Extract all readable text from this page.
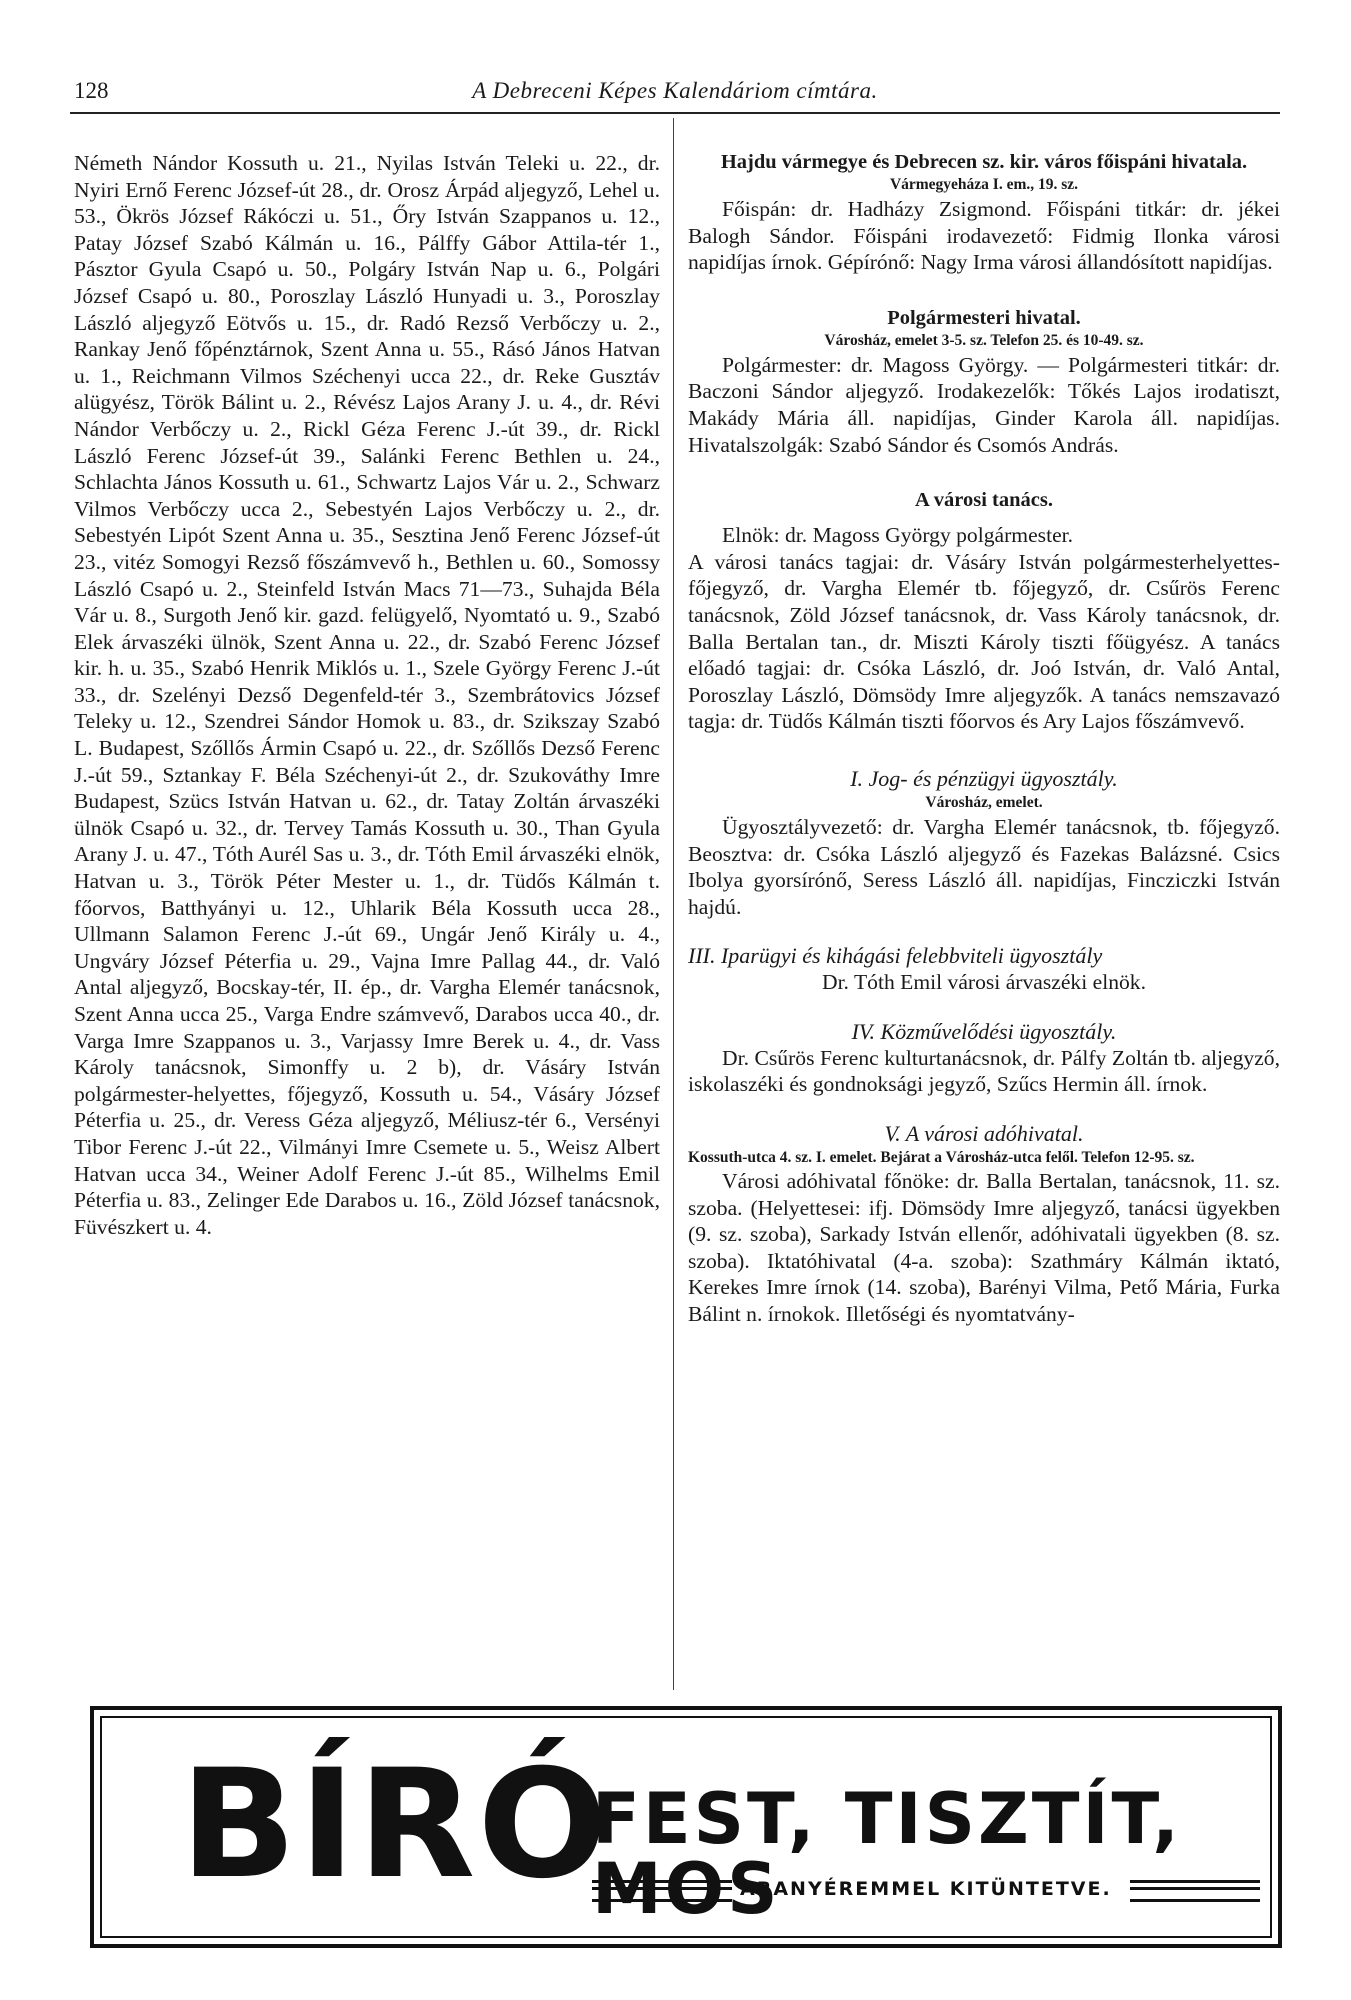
128	A Debreceni Képes Kalendáriom címtára.

Németh Nándor Kossuth u. 21., Nyilas István Teleki u. 22., dr. Nyiri Ernő Ferenc József-út 28., dr. Orosz Árpád aljegyző, Lehel u. 53., Ökrös József Rákóczi u. 51., Őry István Szappanos u. 12., Patay József Szabó Kálmán u. 16., Pálffy Gábor Attila-tér 1., Pásztor Gyula Csapó u. 50., Polgáry István Nap u. 6., Polgári József Csapó u. 80., Poroszlay László Hunyadi u. 3., Poroszlay László aljegyző Eötvős u. 15., dr. Radó Rezső Verbőczy u. 2., Rankay Jenő főpénztárnok, Szent Anna u. 55., Rásó János Hatvan u. 1., Reichmann Vilmos Széchenyi ucca 22., dr. Reke Gusztáv alügyész, Török Bálint u. 2., Révész Lajos Arany J. u. 4., dr. Révi Nándor Verbőczy u. 2., Rickl Géza Ferenc J.-út 39., dr. Rickl László Ferenc József-út 39., Salánki Ferenc Bethlen u. 24., Schlachta János Kossuth u. 61., Schwartz Lajos Vár u. 2., Schwarz Vilmos Verbőczy ucca 2., Sebestyén Lajos Verbőczy u. 2., dr. Sebestyén Lipót Szent Anna u. 35., Sesztina Jenő Ferenc József-út 23., vitéz Somogyi Rezső főszámvevő h., Bethlen u. 60., Somossy László Csapó u. 2., Steinfeld István Macs 71—73., Suhajda Béla Vár u. 8., Surgoth Jenő kir. gazd. felügyelő, Nyomtató u. 9., Szabó Elek árvaszéki ülnök, Szent Anna u. 22., dr. Szabó Ferenc József kir. h. u. 35., Szabó Henrik Miklós u. 1., Szele György Ferenc J.-út 33., dr. Szelényi Dezső Degenfeld-tér 3., Szembrátovics József Teleky u. 12., Szendrei Sándor Homok u. 83., dr. Szikszay Szabó L. Budapest, Szőllős Ármin Csapó u. 22., dr. Szőllős Dezső Ferenc J.-út 59., Sztankay F. Béla Széchenyi-út 2., dr. Szukováthy Imre Budapest, Szücs István Hatvan u. 62., dr. Tatay Zoltán árvaszéki ülnök Csapó u. 32., dr. Tervey Tamás Kossuth u. 30., Than Gyula Arany J. u. 47., Tóth Aurél Sas u. 3., dr. Tóth Emil árvaszéki elnök, Hatvan u. 3., Török Péter Mester u. 1., dr. Tüdős Kálmán t. főorvos, Batthyányi u. 12., Uhlarik Béla Kossuth ucca 28., Ullmann Salamon Ferenc J.-út 69., Ungár Jenő Király u. 4., Ungváry József Péterfia u. 29., Vajna Imre Pallag 44., dr. Való Antal aljegyző, Bocskay-tér, II. ép., dr. Vargha Elemér tanácsnok, Szent Anna ucca 25., Varga Endre számvevő, Darabos ucca 40., dr. Varga Imre Szappanos u. 3., Varjassy Imre Berek u. 4., dr. Vass Károly tanácsnok, Simonffy u. 2 b), dr. Vásáry István polgármester-helyettes, főjegyző, Kossuth u. 54., Vásáry József Péterfia u. 25., dr. Veress Géza aljegyző, Méliusz-tér 6., Versényi Tibor Ferenc J.-út 22., Vilmányi Imre Csemete u. 5., Weisz Albert Hatvan ucca 34., Weiner Adolf Ferenc J.-út 85., Wilhelms Emil Péterfia u. 83., Zelinger Ede Darabos u. 16., Zöld József tanácsnok, Füvészkert u. 4.

Hajdu vármegye és Debrecen sz. kir. város főispáni hivatala.

Vármegyeháza I. em., 19. sz.

Főispán: dr. Hadházy Zsigmond. Főispáni titkár: dr. jékei Balogh Sándor. Főispáni irodavezető: Fidmig Ilonka városi napidíjas írnok. Gépírónő: Nagy Irma városi állandósított napidíjas.

Polgármesteri hivatal.

Városház, emelet 3-5. sz. Telefon 25. és 10-49. sz.

Polgármester: dr. Magoss György. — Polgármesteri titkár: dr. Baczoni Sándor aljegyző. Irodakezelők: Tőkés Lajos irodatiszt, Makády Mária áll. napidíjas, Ginder Karola áll. napidíjas. Hivatalszolgák: Szabó Sándor és Csomós András.

A városi tanács.

Elnök: dr. Magoss György polgármester.

A városi tanács tagjai: dr. Vásáry István polgármesterhelyettes-főjegyző, dr. Vargha Elemér tb. főjegyző, dr. Csűrös Ferenc tanácsnok, Zöld József tanácsnok, dr. Vass Károly tanácsnok, dr. Balla Bertalan tan., dr. Miszti Károly tiszti főügyész. A tanács előadó tagjai: dr. Csóka László, dr. Joó István, dr. Való Antal, Poroszlay László, Dömsödy Imre aljegyzők. A tanács nemszavazó tagja: dr. Tüdős Kálmán tiszti főorvos és Ary Lajos főszámvevő.

I. Jog- és pénzügyi ügyosztály.

Városház, emelet.

Ügyosztályvezető: dr. Vargha Elemér tanácsnok, tb. főjegyző. Beosztva: dr. Csóka László aljegyző és Fazekas Balázsné. Csics Ibolya gyorsírónő, Seress László áll. napidíjas, Fincziczki István hajdú.

III. Iparügyi és kihágási felebbviteli ügyosztály

Dr. Tóth Emil városi árvaszéki elnök.

IV. Közművelődési ügyosztály.

Dr. Csűrös Ferenc kulturtanácsnok, dr. Pálfy Zoltán tb. aljegyző, iskolaszéki és gondnoksági jegyző, Szűcs Hermin áll. írnok.

V. A városi adóhivatal.

Kossuth-utca 4. sz. I. emelet. Bejárat a Városház-utca felől. Telefon 12-95. sz.

Városi adóhivatal főnöke: dr. Balla Bertalan, tanácsnok, 11. sz. szoba. (Helyettesei: ifj. Dömsödy Imre aljegyző, tanácsi ügyekben (9. sz. szoba), Sarkady István ellenőr, adóhivatali ügyekben (8. sz. szoba). Iktatóhivatal (4-a. szoba): Szathmáry Kálmán iktató, Kerekes Imre írnok (14. szoba), Barényi Vilma, Pető Mária, Furka Bálint n. írnokok. Illetőségi és nyomtatvány-

BÍRÓ
FEST, TISZTÍT, MOS
ARANYÉREMMEL KITÜNTETVE.
